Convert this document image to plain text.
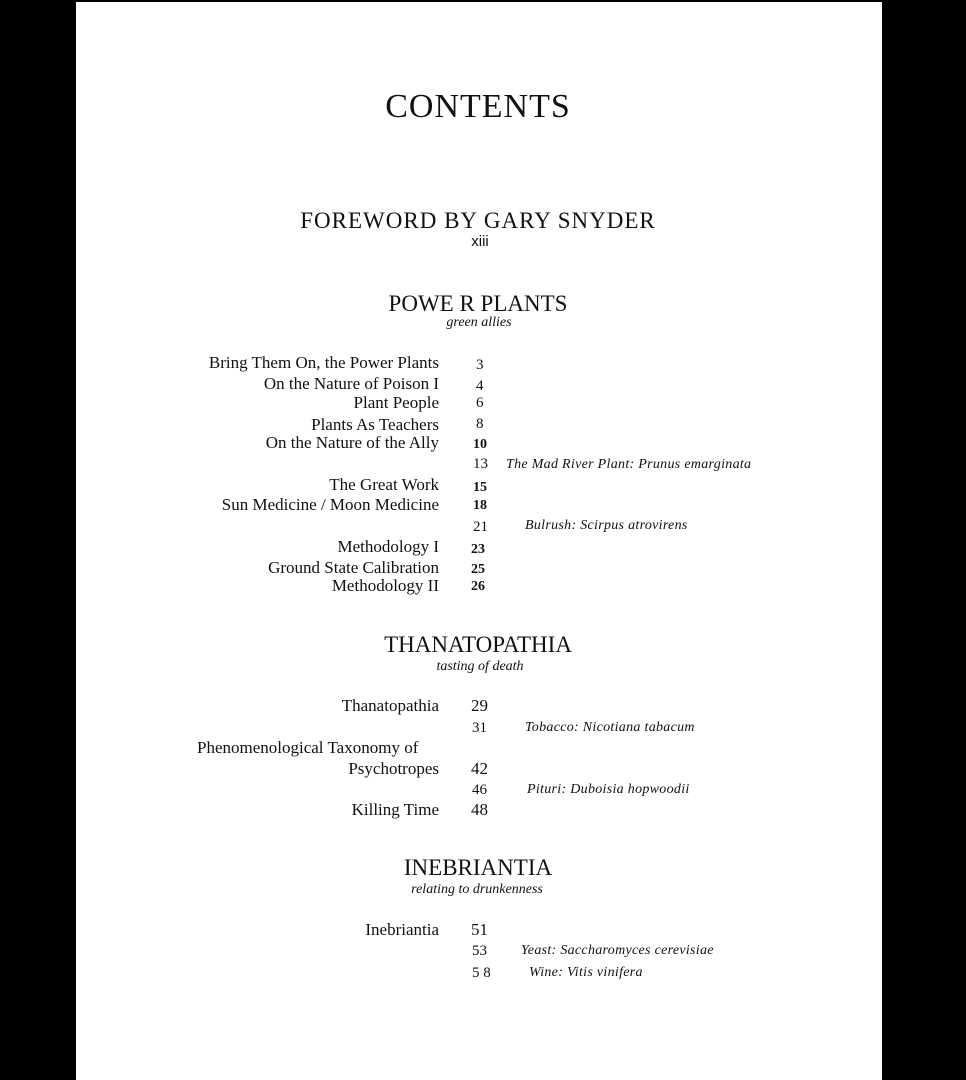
CONTENTS
FOREWORD BY GARY SNYDER
xiii
POWE R PLANTS
green allies
Bring Them On, the Power Plants 3
On the Nature of Poison I 4
Plant People 6
Plants As Teachers 8
On the Nature of the Ally 10
13 The Mad River Plant: Prunus emarginata
The Great Work 15
Sun Medicine / Moon Medicine 18
21	Bulrush: Scirpus atrovirens
Methodology I 23
Ground State Calibration 25
Methodology II 26
THANATOPATHIA
tasting of death
Thanatopathia 29
31	Tobacco: Nicotiana tabacum
Phenomenological Taxonomy of
Psychotropes 42
46	Pituri: Duboisia hopwoodii
Killing Time 48
INEBRIANTIA
relating to drunkenness
Inebriantia 51
53 Yeast: Saccharomyces cerevisiae
5 8	Wine: Vitis vinifera
